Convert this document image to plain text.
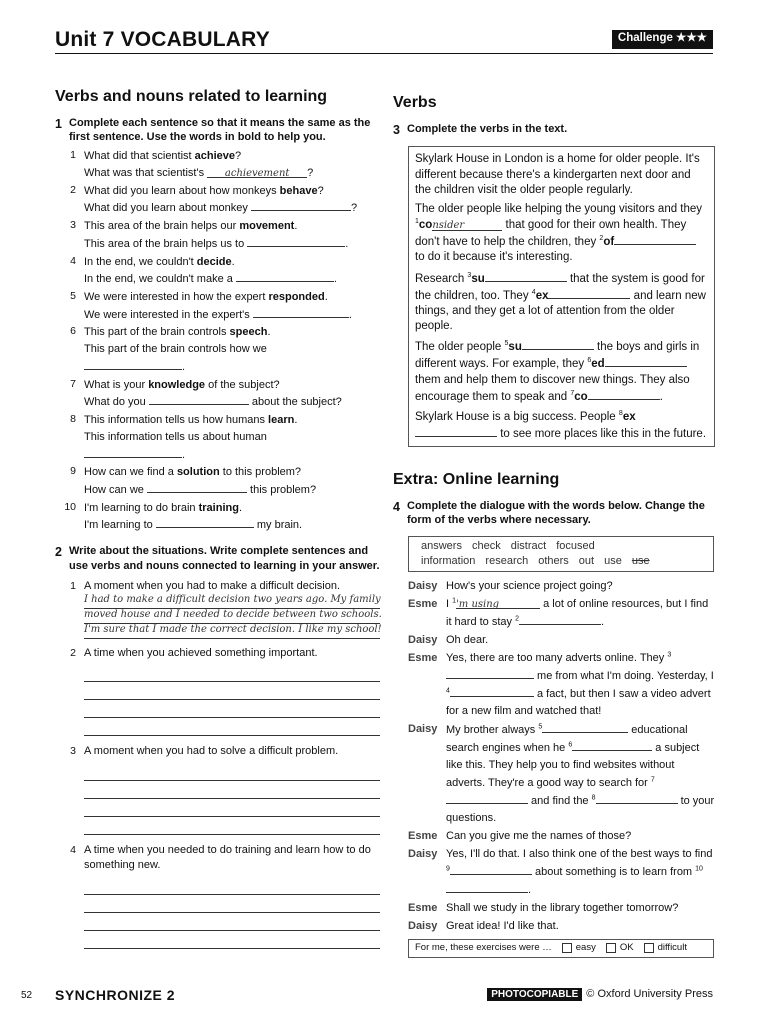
Unit 7 VOCABULARY	Challenge ★★★
Verbs and nouns related to learning
1 Complete each sentence so that it means the same as the first sentence. Use the words in bold to help you.
1 What did that scientist achieve?
What was that scientist's achievement ?
2 What did you learn about how monkeys behave?
What did you learn about monkey	?
3 This area of the brain helps our movement.
This area of the brain helps us to	.
4 In the end, we couldn't decide.
In the end, we couldn't make a	.
5 We were interested in how the expert responded.
We were interested in the expert's	.
6 This part of the brain controls speech.
This part of the brain controls how we
.
7 What is your knowledge of the subject?
What do you	about the subject?
8 This information tells us how humans learn.
This information tells us about human
.
9 How can we find a solution to this problem?
How can we	this problem?
10 I'm learning to do brain training.
I'm learning to	my brain.
2 Write about the situations. Write complete sentences and use verbs and nouns connected to learning in your answer.
1 A moment when you had to make a difficult decision.
I had to make a difficult decision two years ago. My family
moved house and I needed to decide between two schools.
I'm sure that I made the correct decision. I like my school!
2 A time when you achieved something important.
3 A moment when you had to solve a difficult problem.
4 A time when you needed to do training and learn how to do something new.
Verbs
3 Complete the verbs in the text.

Skylark House in London is a home for older people. It's different because there's a kindergarten next door and the children visit the older people regularly.

The older people like helping the young visitors and they $^1$consider	that good for their own health. They don't have to help the children, they $^2$of to do it because it's interesting.

Research $^3$su	that the system is good for the children, too. They $^4$ex	and learn new things, and they get a lot of attention from the older people.

The older people $^5$su	the boys and girls in different ways. For example, they $^6$ed them and help them to discover new things. They also encourage them to speak and $^7$co	.

Skylark House is a big success. People $^8$ex to see more places like this in the future.

Extra: Online learning
4 Complete the dialogue with the words below. Change the form of the verbs where necessary.
answers check distract focused
information research others out use use
Daisy How's your science project going?
Esme I $^1$'m using	a lot of online resources, but I find it hard to stay $^2$	.
Daisy Oh dear.
Esme Yes, there are too many adverts online. They $^3$ me from what I'm doing. Yesterday, I $^4$	a fact, but then I saw a video advert for a new film and watched that!
Daisy My brother always $^5$	educational search engines when he $^6$	a subject like this. They help you to find websites without adverts. They're a good way to search for $^7$ and find the $^8$	to your questions.
Esme Can you give me the names of those?
Daisy Yes, I'll do that. I also think one of the best ways to find $^9$	about something is to learn from $^{10}$.
Esme Shall we study in the library together tomorrow?
Daisy Great idea! I'd like that.
For me, these exercises were …	easy	OK	difficult
52 SYNCHRONIZE 2	PHOTOCOPIABLE © Oxford University Press
